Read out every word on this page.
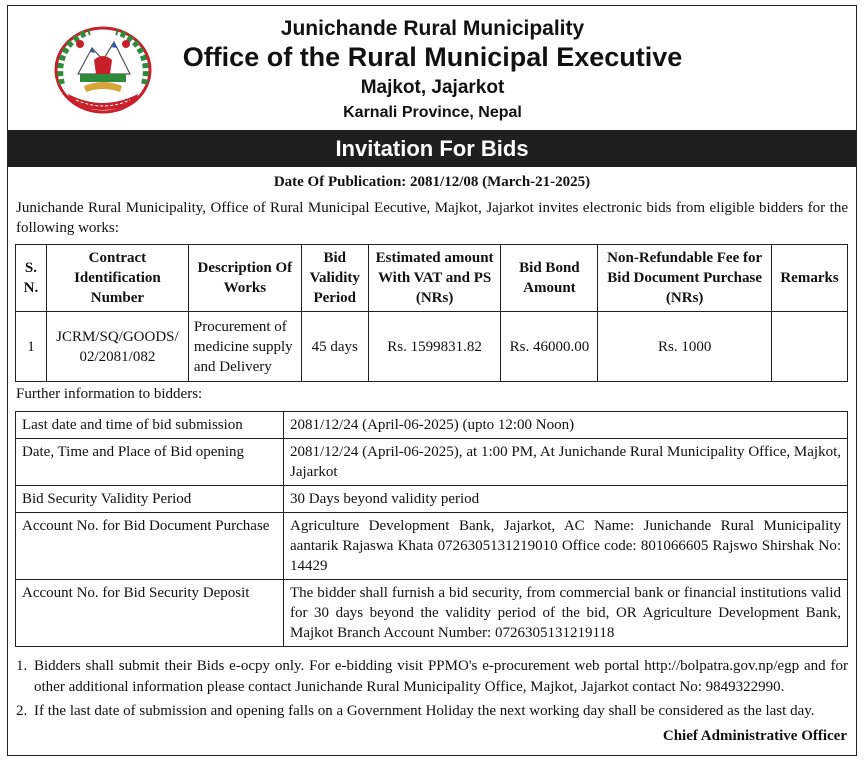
Junichande Rural Municipality
Office of the Rural Municipal Executive
Majkot, Jajarkot
Karnali Province, Nepal
Invitation For Bids
Date Of Publication: 2081/12/08 (March-21-2025)
Junichande Rural Municipality, Office of Rural Municipal Eecutive, Majkot, Jajarkot invites electronic bids from eligible bidders for the following works:
S. N.	Contract Identification Number	Description Of Works	Bid Validity Period	Estimated amount With VAT and PS (NRs)	Bid Bond Amount	Non-Refundable Fee for Bid Document Purchase (NRs)	Remarks
1	JCRM/SQ/GOODS/ 02/2081/082	Procurement of medicine supply and Delivery	45 days	Rs. 1599831.82	Rs. 46000.00	Rs. 1000	
Further information to bidders:
Last date and time of bid submission	2081/12/24 (April-06-2025) (upto 12:00 Noon)
Date, Time and Place of Bid opening	2081/12/24 (April-06-2025), at 1:00 PM, At Junichande Rural Municipality Office, Majkot, Jajarkot
Bid Security Validity Period	30 Days beyond validity period
Account No. for Bid Document Purchase	Agriculture Development Bank, Jajarkot, AC Name: Junichande Rural Municipality aantarik Rajaswa Khata 0726305131219010 Office code: 801066605 Rajswo Shirshak No: 14429
Account No. for Bid Security Deposit	The bidder shall furnish a bid security, from commercial bank or financial institutions valid for 30 days beyond the validity period of the bid, OR Agriculture Development Bank, Majkot Branch Account Number: 0726305131219118
1. Bidders shall submit their Bids e-ocpy only. For e-bidding visit PPMO's e-procurement web portal http://bolpatra.gov.np/egp and for other additional information please contact Junichande Rural Municipality Office, Majkot, Jajarkot contact No: 9849322990.
2. If the last date of submission and opening falls on a Government Holiday the next working day shall be considered as the last day.
Chief Administrative Officer
